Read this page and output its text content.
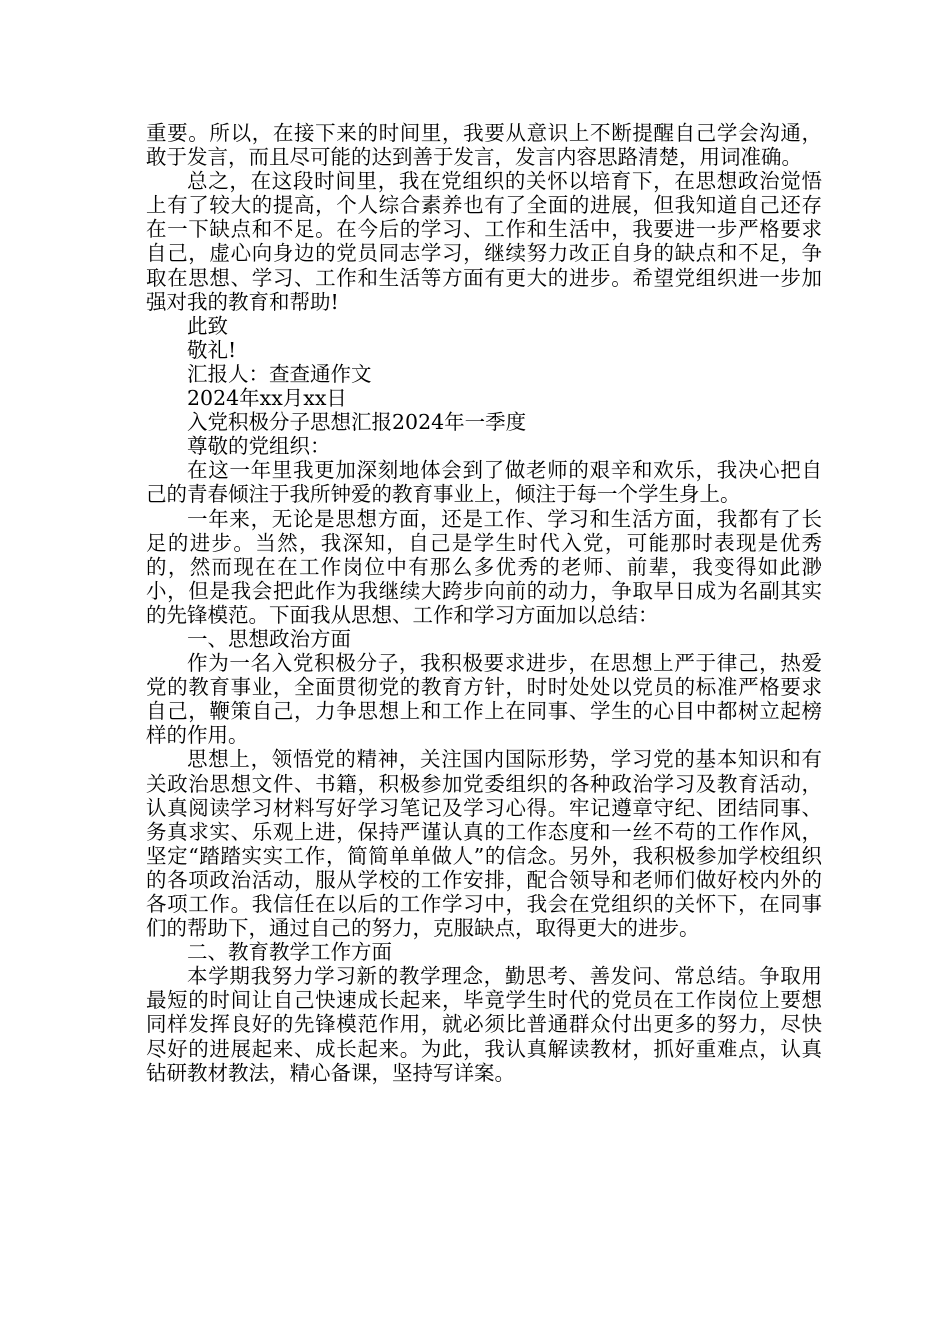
重要。所以，在接下来的时间里，我要从意识上不断提醒自己学会沟通，敢于发言，而且尽可能的达到善于发言，发言内容思路清楚，用词准确。

总之，在这段时间里，我在党组织的关怀以培育下，在思想政治觉悟上有了较大的提高，个人综合素养也有了全面的进展，但我知道自己还存在一下缺点和不足。在今后的学习、工作和生活中，我要进一步严格要求自己，虚心向身边的党员同志学习，继续努力改正自身的缺点和不足，争取在思想、学习、工作和生活等方面有更大的进步。希望党组织进一步加强对我的教育和帮助!

此致

敬礼!

汇报人：查查通作文

2024年xx月xx日

入党积极分子思想汇报2024年一季度

尊敬的党组织：

在这一年里我更加深刻地体会到了做老师的艰辛和欢乐，我决心把自己的青春倾注于我所钟爱的教育事业上，倾注于每一个学生身上。

一年来，无论是思想方面，还是工作、学习和生活方面，我都有了长足的进步。当然，我深知，自己是学生时代入党，可能那时表现是优秀的，然而现在在工作岗位中有那么多优秀的老师、前辈，我变得如此渺小，但是我会把此作为我继续大跨步向前的动力，争取早日成为名副其实的先锋模范。下面我从思想、工作和学习方面加以总结：

一、思想政治方面

作为一名入党积极分子，我积极要求进步，在思想上严于律己，热爱党的教育事业，全面贯彻党的教育方针，时时处处以党员的标准严格要求自己，鞭策自己，力争思想上和工作上在同事、学生的心目中都树立起榜样的作用。

思想上，领悟党的精神，关注国内国际形势，学习党的基本知识和有关政治思想文件、书籍，积极参加党委组织的各种政治学习及教育活动，认真阅读学习材料写好学习笔记及学习心得。牢记遵章守纪、团结同事、务真求实、乐观上进，保持严谨认真的工作态度和一丝不苟的工作作风，坚定“踏踏实实工作，简简单单做人”的信念。另外，我积极参加学校组织的各项政治活动，服从学校的工作安排，配合领导和老师们做好校内外的各项工作。我信任在以后的工作学习中，我会在党组织的关怀下，在同事们的帮助下，通过自己的努力，克服缺点，取得更大的进步。

二、教育教学工作方面

本学期我努力学习新的教学理念，勤思考、善发问、常总结。争取用最短的时间让自己快速成长起来，毕竟学生时代的党员在工作岗位上要想同样发挥良好的先锋模范作用，就必须比普通群众付出更多的努力，尽快尽好的进展起来、成长起来。为此，我认真解读教材，抓好重难点，认真钻研教材教法，精心备课，坚持写详案。
